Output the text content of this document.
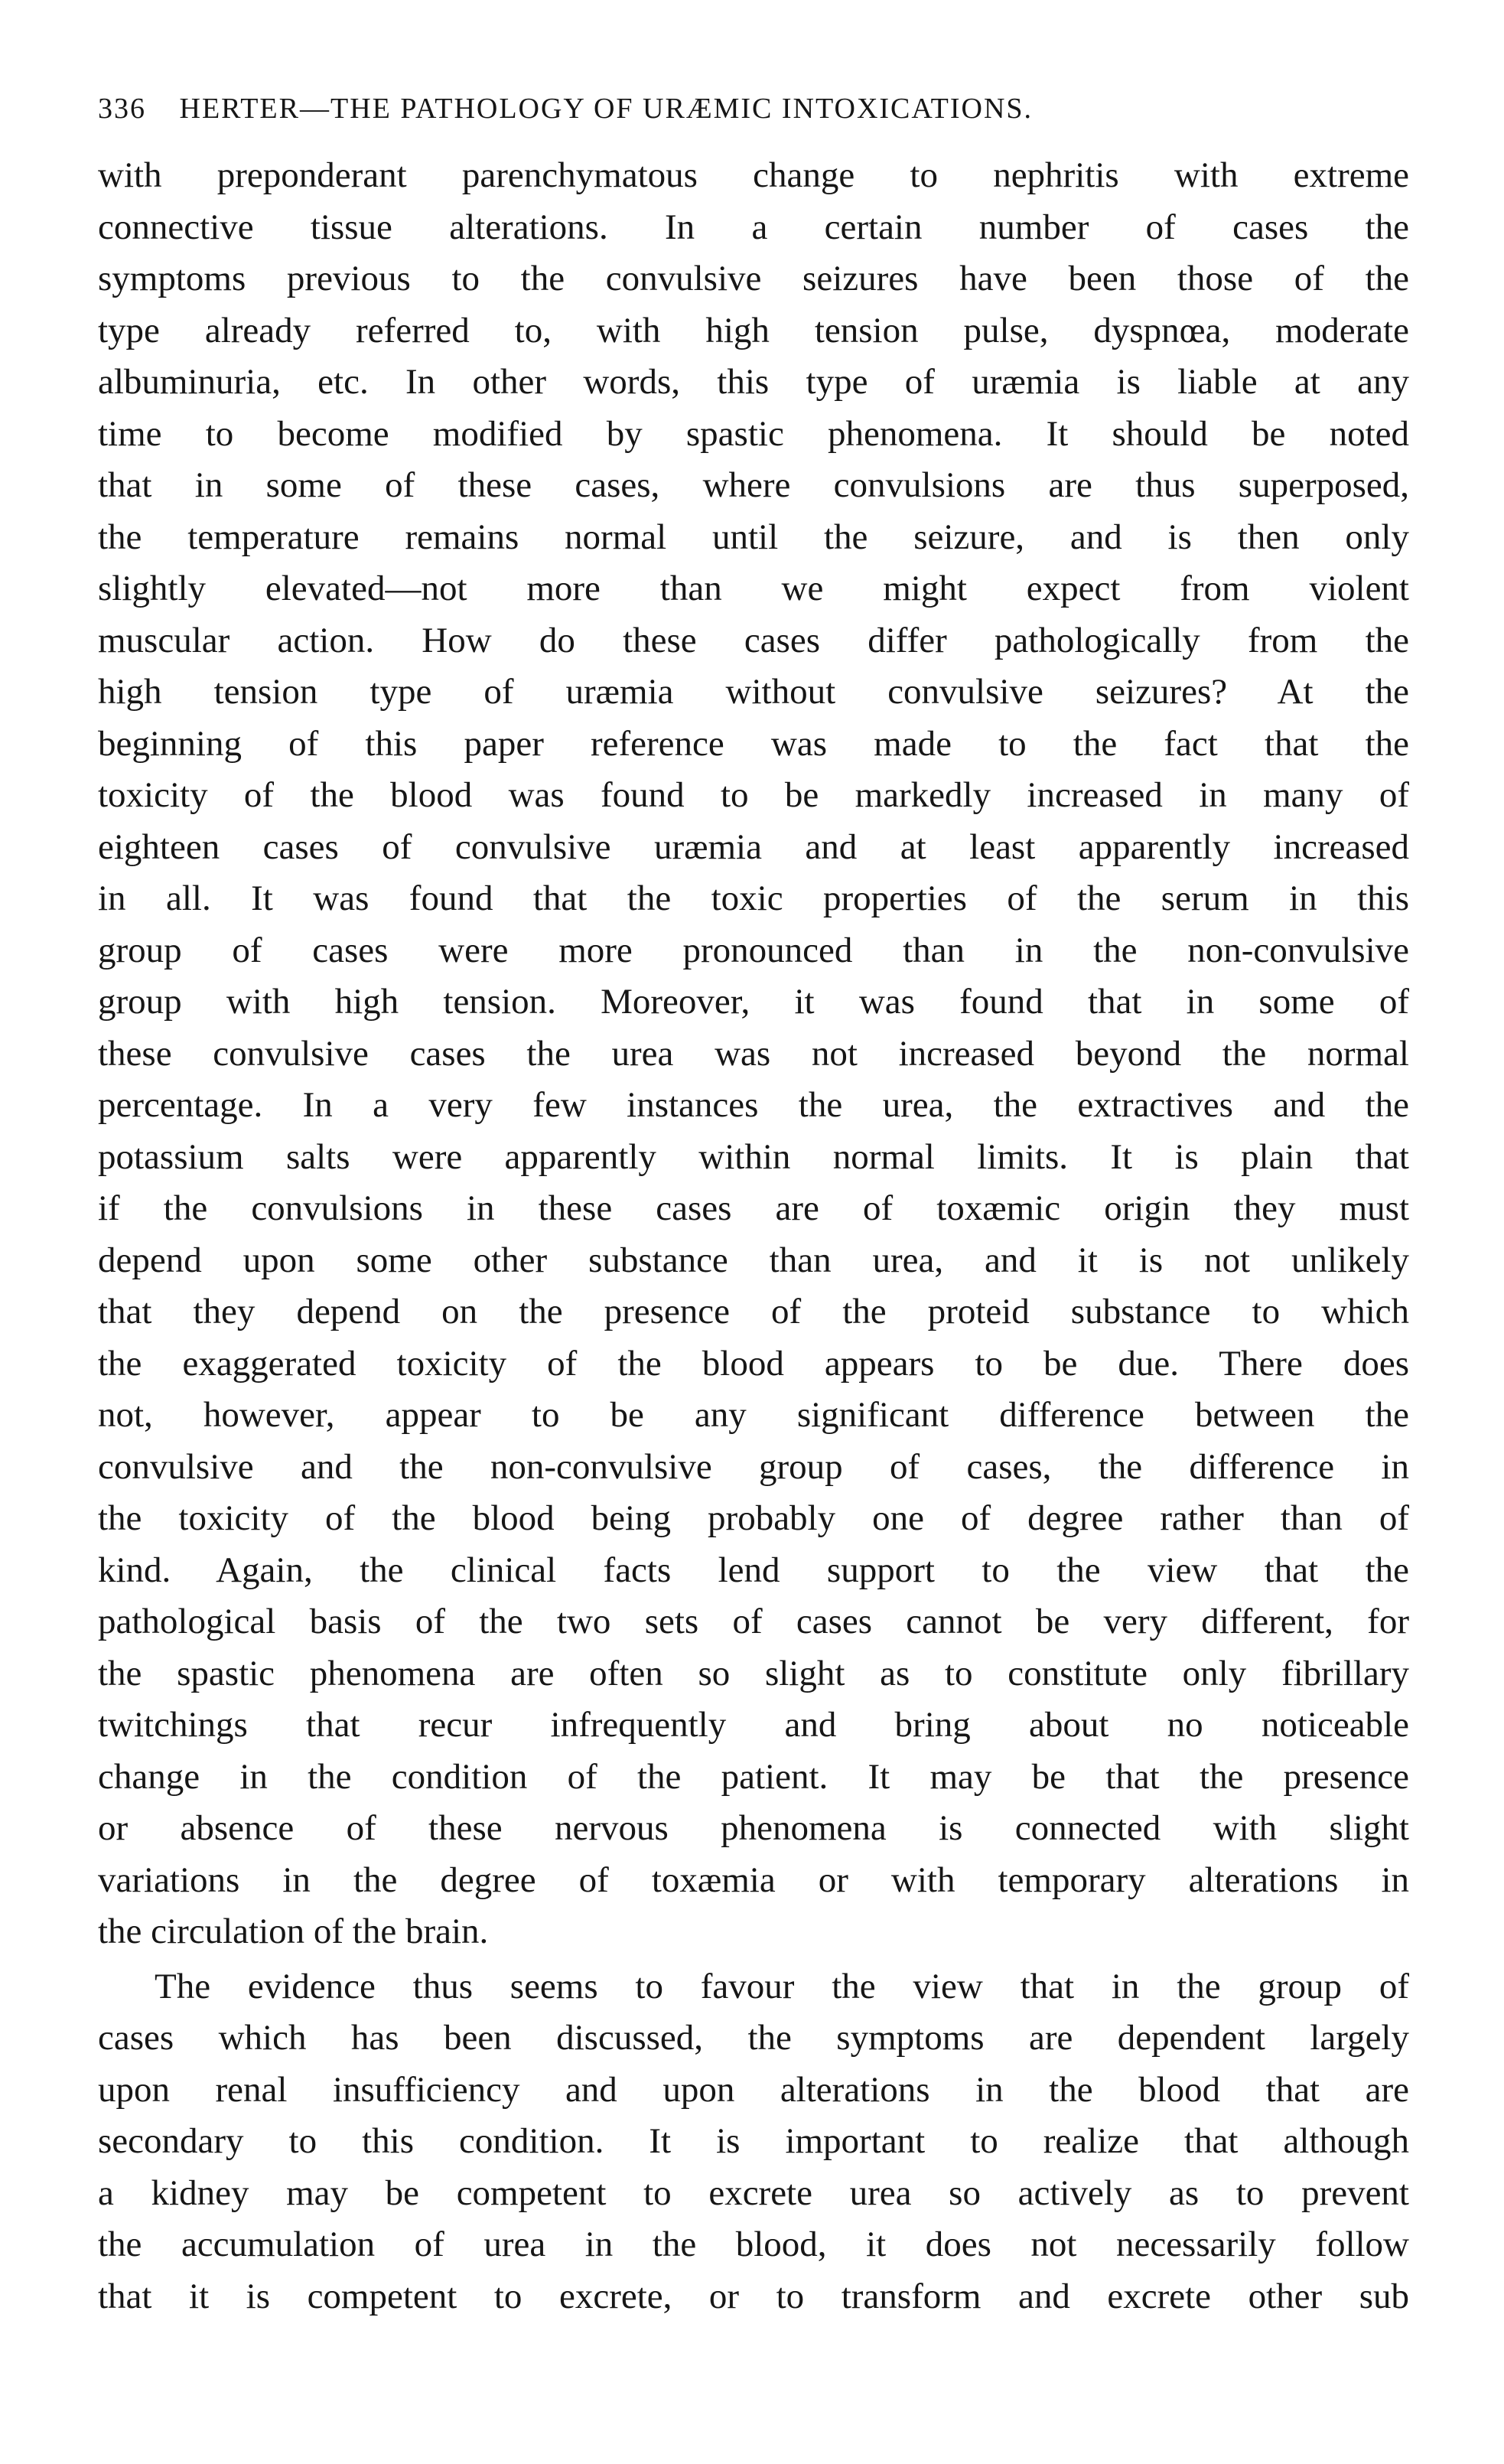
336 HERTER—THE PATHOLOGY OF URÆMIC INTOXICATIONS.
with preponderant parenchymatous change to nephritis with extreme
connective tissue alterations. In a certain number of cases the
symptoms previous to the convulsive seizures have been those of the
type already referred to, with high tension pulse, dyspnœa, moderate
albuminuria, etc. In other words, this type of uræmia is liable at any
time to become modified by spastic phenomena. It should be noted
that in some of these cases, where convulsions are thus superposed,
the temperature remains normal until the seizure, and is then only
slightly elevated—not more than we might expect from violent
muscular action. How do these cases differ pathologically from the
high tension type of uræmia without convulsive seizures? At the
beginning of this paper reference was made to the fact that the
toxicity of the blood was found to be markedly increased in many of
eighteen cases of convulsive uræmia and at least apparently increased
in all. It was found that the toxic properties of the serum in this
group of cases were more pronounced than in the non-convulsive
group with high tension. Moreover, it was found that in some of
these convulsive cases the urea was not increased beyond the normal
percentage. In a very few instances the urea, the extractives and the
potassium salts were apparently within normal limits. It is plain that
if the convulsions in these cases are of toxæmic origin they must
depend upon some other substance than urea, and it is not unlikely
that they depend on the presence of the proteid substance to which
the exaggerated toxicity of the blood appears to be due. There does
not, however, appear to be any significant difference between the
convulsive and the non-convulsive group of cases, the difference in
the toxicity of the blood being probably one of degree rather than of
kind. Again, the clinical facts lend support to the view that the
pathological basis of the two sets of cases cannot be very different, for
the spastic phenomena are often so slight as to constitute only fibrillary
twitchings that recur infrequently and bring about no noticeable
change in the condition of the patient. It may be that the presence
or absence of these nervous phenomena is connected with slight
variations in the degree of toxæmia or with temporary alterations in
the circulation of the brain.
The evidence thus seems to favour the view that in the group of
cases which has been discussed, the symptoms are dependent largely
upon renal insufficiency and upon alterations in the blood that are
secondary to this condition. It is important to realize that although
a kidney may be competent to excrete urea so actively as to prevent
the accumulation of urea in the blood, it does not necessarily follow
that it is competent to excrete, or to transform and excrete other sub
